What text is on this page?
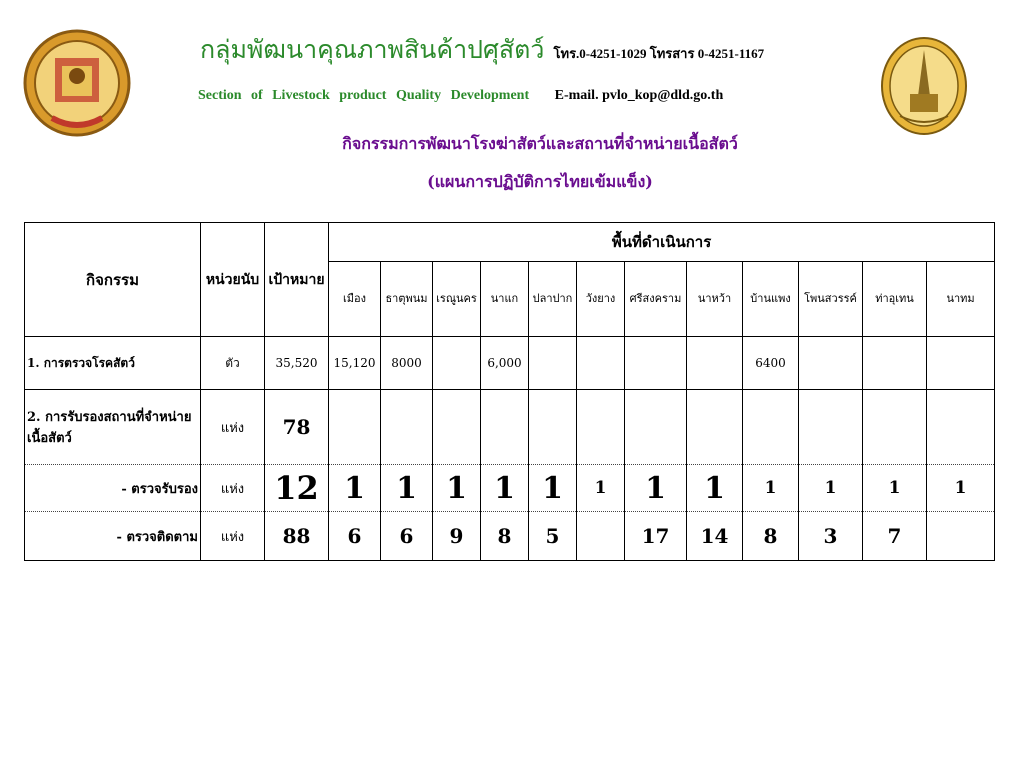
กลุ่มพัฒนาคุณภาพสินค้าปศุสัตว์ โทร.0-4251-1029 โทรสาร 0-4251-1167
Section of Livestock product Quality Development E-mail. pvlo_kop@dld.go.th
กิจกรรมการพัฒนาโรงฆ่าสัตว์และสถานที่จำหน่ายเนื้อสัตว์
(แผนการปฏิบัติการไทยเข้มแข็ง)
กิจกรรม	หน่วยนับ	เป้าหมาย	พื้นที่ดำเนินการ											
			เมือง	ธาตุพนม	เรณูนคร	นาแก	ปลาปาก	วังยาง	ศรีสงคราม	นาหว้า	บ้านแพง	โพนสวรรค์	ท่าอุเทน	นาทม
1. การตรวจโรคสัตว์	ตัว	35,520	15,120	8000		6,000					6400			
2. การรับรองสถานที่จำหน่ายเนื้อสัตว์	แห่ง	78												
- ตรวจรับรอง	แห่ง	12	1	1	1	1	1	1	1	1	1	1	1	1
- ตรวจติดตาม	แห่ง	88	6	6	9	8	5		17	14	8	3	7	
